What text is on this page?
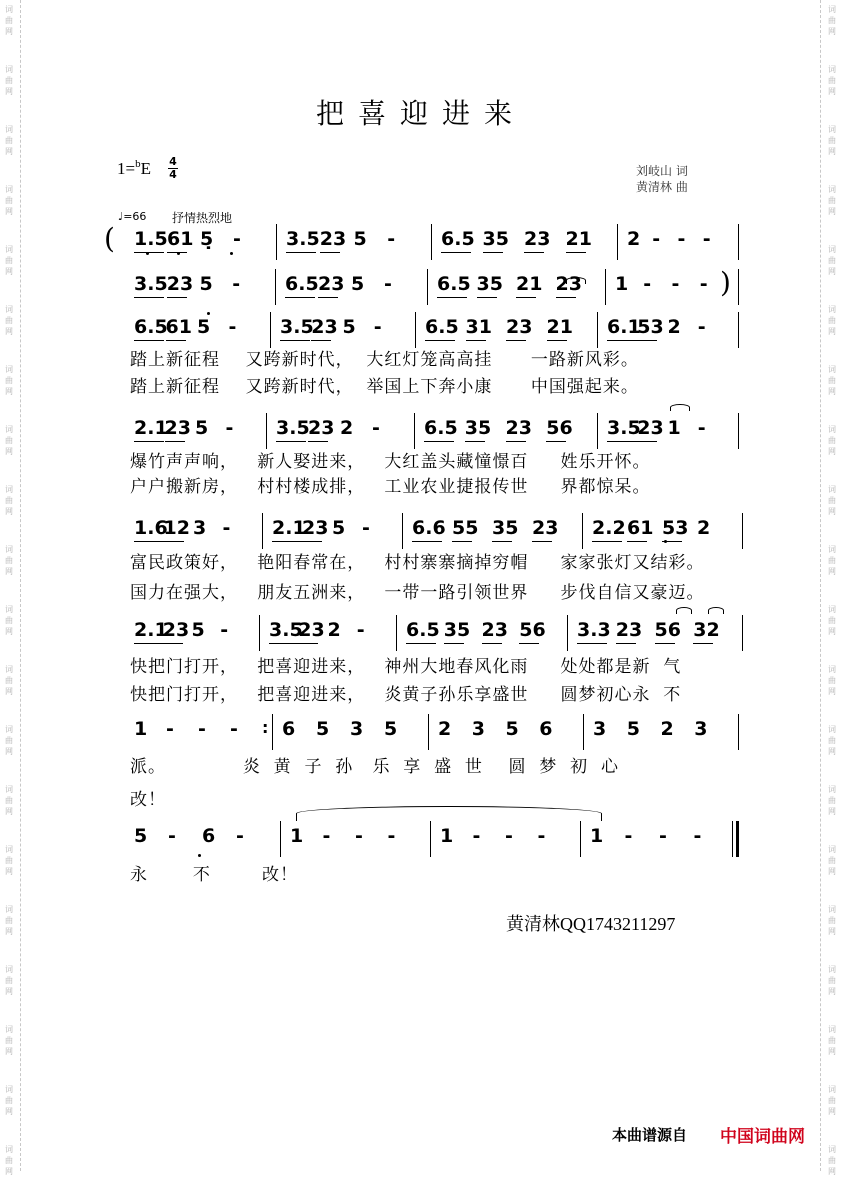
词
曲
网
词
曲
网
词
曲
网
词
曲
网
词
曲
网
词
曲
网
词
曲
网
词
曲
网
词
曲
网
词
曲
网
词
曲
网
词
曲
网
词
曲
网
词
曲
网
词
曲
网
词
曲
网
词
曲
网
词
曲
网
词
曲
网
词
曲
网
词
曲
网
词
曲
网
词
曲
网
词
曲
网
词
曲
网
词
曲
网
词
曲
网
词
曲
网
词
曲
网
词
曲
网
词
曲
网
词
曲
网
词
曲
网
词
曲
网
词
曲
网
词
曲
网
词
曲
网
词
曲
网
词
曲
网
词
曲
网
把喜迎进来
1=$^b$E 4
4	刘岐山 词
黄清林 曲
♩=66 抒情热烈地
1.5 61 5̣ - 3.5 23 5 - 6.5 35 23 21 2 - - -
3.5 23 5 - 6.5 23 5 - 6.5 35 21 23 1 - - -
6.5
61 5 - 3.5
23 5 - 6.5 31 23 21 6.1
53 2 -
踏上新征程    又跨新时代，  大红灯笼高高挂      一路新风彩。
踏上新征程    又跨新时代，  举国上下奔小康      中国强起来。
2.1
23 5 - 3.5
23 2 - 6.5 35 23 56 3.5
23 1 -
爆竹声声响，   新人娶进来，   大红盖头藏憧憬百     姓乐开怀。
户户搬新房，   村村楼成排，   工业农业捷报传世     界都惊呆。
1.6
12 3 - 2.1
23 5 - 6.6 55 35 23 2.2 61 53 2
富民政策好，   艳阳春常在，   村村寨寨摘掉穷帽     家家张灯又结彩。
国力在强大，   朋友五洲来，   一带一路引领世界     步伐自信又豪迈。
2.1
23 5 - 3.5
23 2 - 6.5 35 23 56 3.3 23 56 32
快把门打开，   把喜迎进来，   神州大地春风化雨     处处都是新  气
快把门打开，   把喜迎进来，   炎黄子孙乐享盛世     圆梦初心永  不
1 - - - 6 5 3 5 2 3 5 6 3 5 2 3
派。            炎  黄  子  孙   乐  享  盛  世    圆  梦  初  心
改！
5 - 6 - 1 - - - 1 - - - 1 - - -
永       不        改！
(
)
:
黄清林QQ1743211297
本曲谱源自 中国词曲网
